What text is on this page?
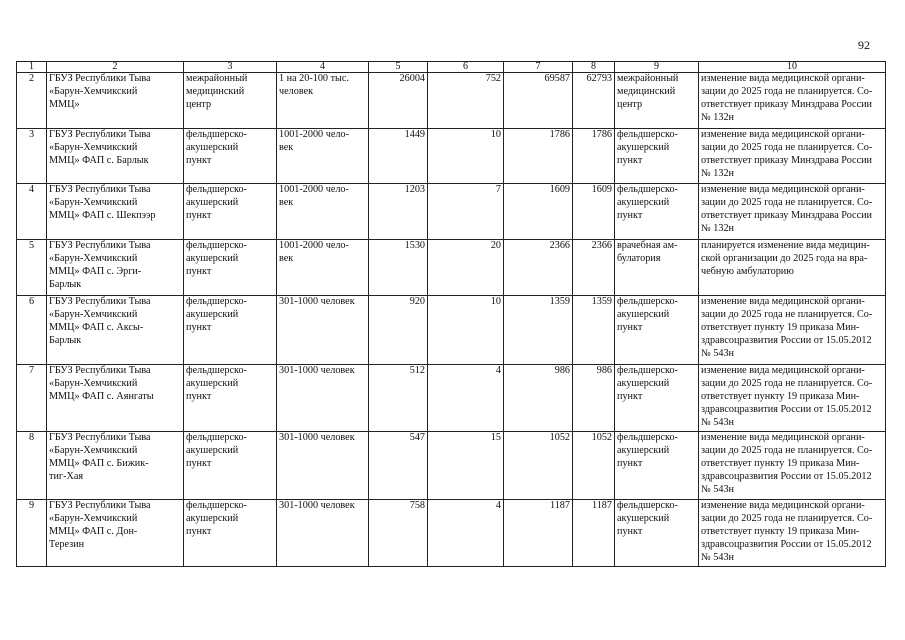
92
1	2	3	4	5	6	7	8	9	10
2	ГБУЗ Республики Тыва
«Барун-Хемчикский
ММЦ»	межрайонный
медицинский
центр	1 на 20-100 тыс.
человек	26004	752	69587	62793	межрайонный
медицинский
центр	изменение вида медицинской органи-
зации до 2025 года не планируется. Со-
ответствует приказу Минздрава России
№ 132н

3	ГБУЗ Республики Тыва
«Барун-Хемчикский
ММЦ» ФАП с. Барлык	фельдшерско-
акушерский
пункт	1001-2000 чело-
век	1449	10	1786	1786	фельдшерско-
акушерский
пункт	изменение вида медицинской органи-
зации до 2025 года не планируется. Со-
ответствует приказу Минздрава России
№ 132н

4	ГБУЗ Республики Тыва
«Барун-Хемчикский
ММЦ» ФАП с. Шекпээр	фельдшерско-
акушерский
пункт	1001-2000 чело-
век	1203	7	1609	1609	фельдшерско-
акушерский
пункт	изменение вида медицинской органи-
зации до 2025 года не планируется. Со-
ответствует приказу Минздрава России
№ 132н

5	ГБУЗ Республики Тыва
«Барун-Хемчикский
ММЦ» ФАП с. Эрги-
Барлык	фельдшерско-
акушерский
пункт	1001-2000 чело-
век	1530	20	2366	2366	врачебная ам-
булатория	планируется изменение вида медицин-
ской организации до 2025 года на вра-
чебную амбулаторию

6	ГБУЗ Республики Тыва
«Барун-Хемчикский
ММЦ» ФАП с. Аксы-
Барлык	фельдшерско-
акушерский
пункт	301-1000 человек	920	10	1359	1359	фельдшерско-
акушерский
пункт	изменение вида медицинской органи-
зации до 2025 года не планируется. Со-
ответствует пункту 19 приказа Мин-
здравсоцразвития России от 15.05.2012
№ 543н

7	ГБУЗ Республики Тыва
«Барун-Хемчикский
ММЦ» ФАП с. Аянгаты	фельдшерско-
акушерский
пункт	301-1000 человек	512	4	986	986	фельдшерско-
акушерский
пункт	изменение вида медицинской органи-
зации до 2025 года не планируется. Со-
ответствует пункту 19 приказа Мин-
здравсоцразвития России от 15.05.2012
№ 543н

8	ГБУЗ Республики Тыва
«Барун-Хемчикский
ММЦ» ФАП с. Бижик-
тиг-Хая	фельдшерско-
акушерский
пункт	301-1000 человек	547	15	1052	1052	фельдшерско-
акушерский
пункт	изменение вида медицинской органи-
зации до 2025 года не планируется. Со-
ответствует пункту 19 приказа Мин-
здравсоцразвития России от 15.05.2012
№ 543н

9	ГБУЗ Республики Тыва
«Барун-Хемчикский
ММЦ» ФАП с. Дон-
Терезин	фельдшерско-
акушерский
пункт	301-1000 человек	758	4	1187	1187	фельдшерско-
акушерский
пункт	изменение вида медицинской органи-
зации до 2025 года не планируется. Со-
ответствует пункту 19 приказа Мин-
здравсоцразвития России от 15.05.2012
№ 543н
